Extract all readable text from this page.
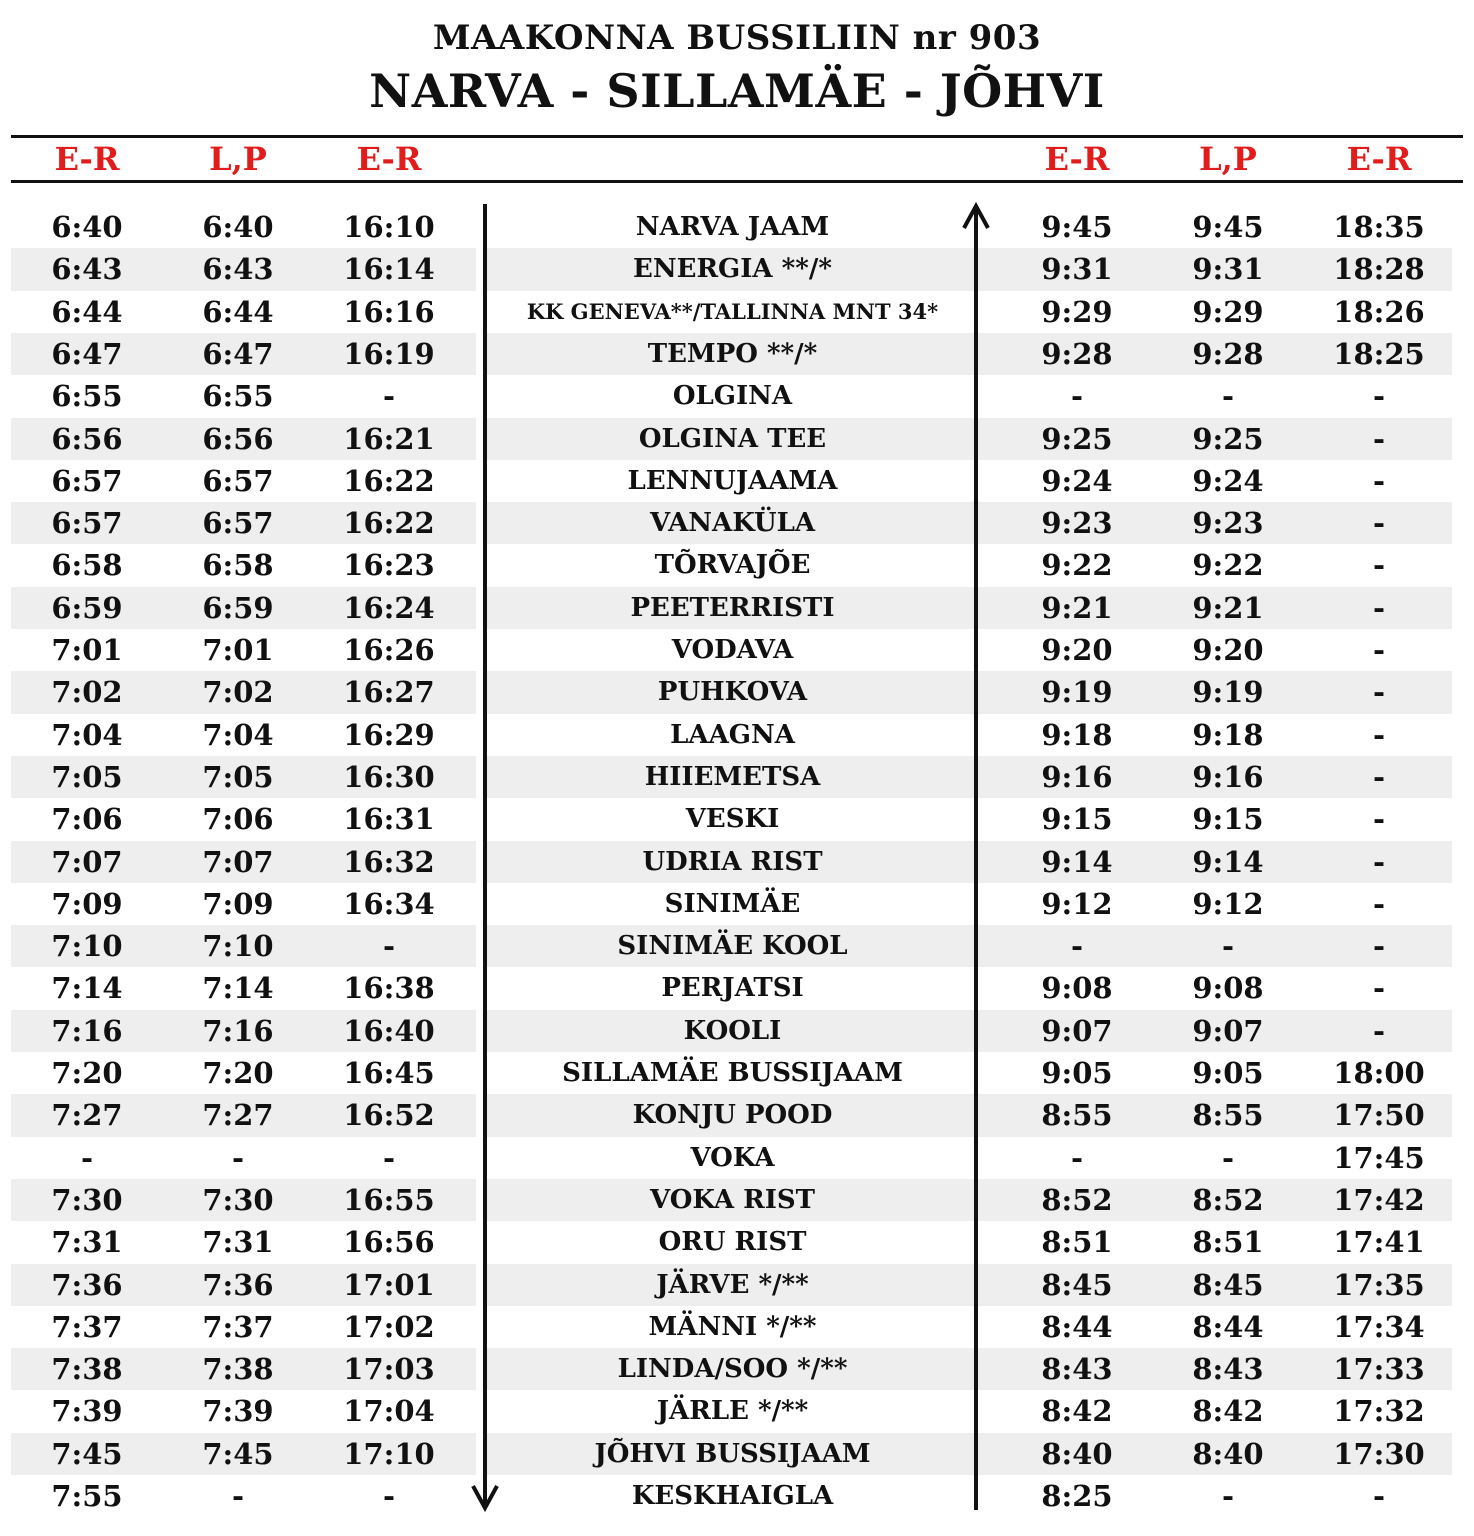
MAAKONNA BUSSILIIN nr 903
NARVA - SILLAMÄE - JÕHVI
E-R	L,P	E-R	E-R	L,P	E-R
6:40	6:40	16:10	NARVA JAAM	9:45	9:45	18:35
6:43	6:43	16:14	ENERGIA **/*	9:31	9:31	18:28
6:44	6:44	16:16	KK GENEVA**/TALLINNA MNT 34*	9:29	9:29	18:26
6:47	6:47	16:19	TEMPO **/*	9:28	9:28	18:25
6:55	6:55	-	OLGINA	-	-	-
6:56	6:56	16:21	OLGINA TEE	9:25	9:25	-
6:57	6:57	16:22	LENNUJAAMA	9:24	9:24	-
6:57	6:57	16:22	VANAKÜLA	9:23	9:23	-
6:58	6:58	16:23	TÕRVAJÕE	9:22	9:22	-
6:59	6:59	16:24	PEETERRISTI	9:21	9:21	-
7:01	7:01	16:26	VODAVA	9:20	9:20	-
7:02	7:02	16:27	PUHKOVA	9:19	9:19	-
7:04	7:04	16:29	LAAGNA	9:18	9:18	-
7:05	7:05	16:30	HIIEMETSA	9:16	9:16	-
7:06	7:06	16:31	VESKI	9:15	9:15	-
7:07	7:07	16:32	UDRIA RIST	9:14	9:14	-
7:09	7:09	16:34	SINIMÄE	9:12	9:12	-
7:10	7:10	-	SINIMÄE KOOL	-	-	-
7:14	7:14	16:38	PERJATSI	9:08	9:08	-
7:16	7:16	16:40	KOOLI	9:07	9:07	-
7:20	7:20	16:45	SILLAMÄE BUSSIJAAM	9:05	9:05	18:00
7:27	7:27	16:52	KONJU POOD	8:55	8:55	17:50
-	-	-	VOKA	-	-	17:45
7:30	7:30	16:55	VOKA RIST	8:52	8:52	17:42
7:31	7:31	16:56	ORU RIST	8:51	8:51	17:41
7:36	7:36	17:01	JÄRVE */**	8:45	8:45	17:35
7:37	7:37	17:02	MÄNNI */**	8:44	8:44	17:34
7:38	7:38	17:03	LINDA/SOO */**	8:43	8:43	17:33
7:39	7:39	17:04	JÄRLE */**	8:42	8:42	17:32
7:45	7:45	17:10	JÕHVI BUSSIJAAM	8:40	8:40	17:30
7:55	-	-	KESKHAIGLA	8:25	-	-
